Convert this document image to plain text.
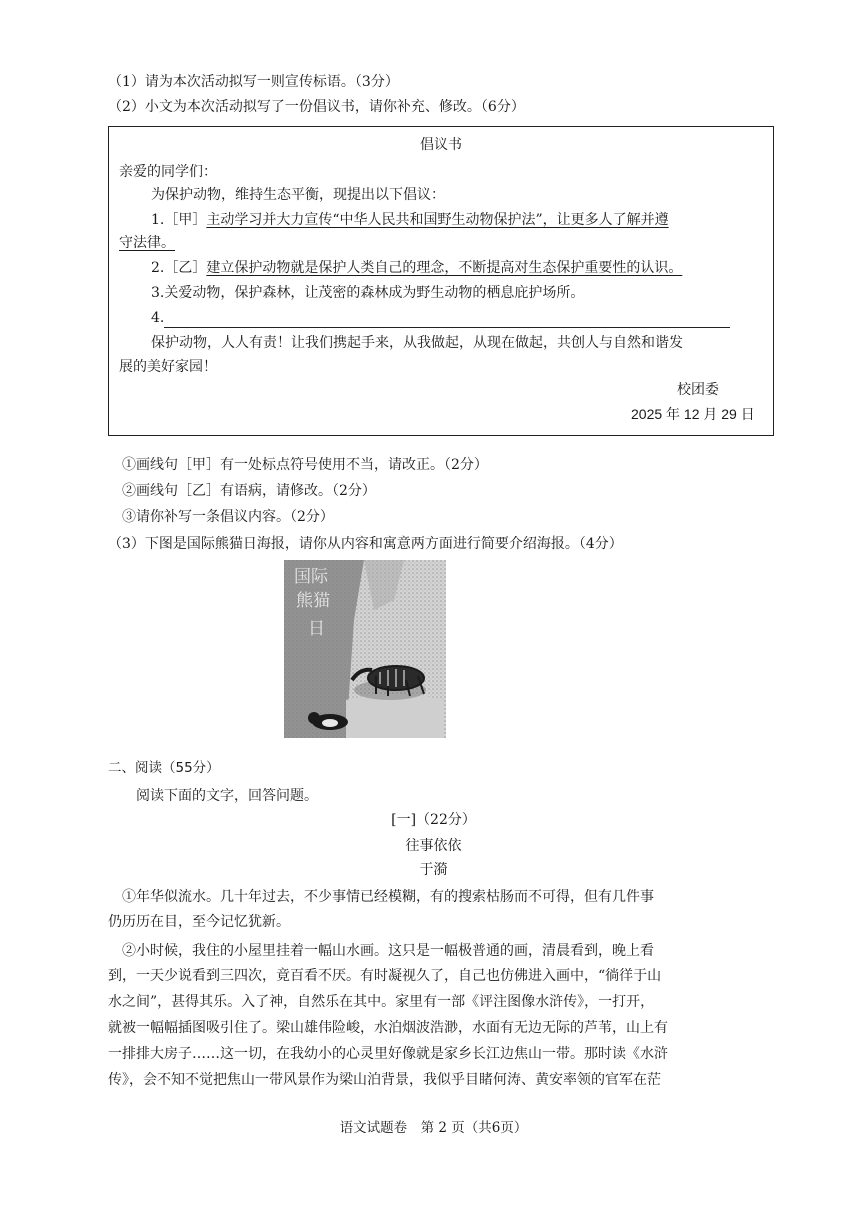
（1）请为本次活动拟写一则宣传标语。（3分）
（2）小文为本次活动拟写了一份倡议书，请你补充、修改。（6分）
倡议书
亲爱的同学们：
为保护动物，维持生态平衡，现提出以下倡议：
1.［甲］主动学习并大力宣传“中华人民共和国野生动物保护法”，让更多人了解并遵
守法律。
2.［乙］建立保护动物就是保护人类自己的理念，不断提高对生态保护重要性的认识。
3.关爱动物，保护森林，让茂密的森林成为野生动物的栖息庇护场所。
4.
保护动物，人人有责！让我们携起手来，从我做起，从现在做起，共创人与自然和谐发
展的美好家园！
校团委
2025 年 12 月 29 日
①画线句［甲］有一处标点符号使用不当，请改正。（2分）
②画线句［乙］有语病，请修改。（2分）
③请你补写一条倡议内容。（2分）
（3）下图是国际熊猫日海报，请你从内容和寓意两方面进行简要介绍海报。（4分）
国际
熊猫
日
二、阅读（55分）
阅读下面的文字，回答问题。
[一]（22分）
往事依依
于漪
①年华似流水。几十年过去，不少事情已经模糊，有的搜索枯肠而不可得，但有几件事
仍历历在目，至今记忆犹新。
②小时候，我住的小屋里挂着一幅山水画。这只是一幅极普通的画，清晨看到，晚上看
到，一天少说看到三四次，竟百看不厌。有时凝视久了，自己也仿佛进入画中，“徜徉于山
水之间”，甚得其乐。入了神，自然乐在其中。家里有一部《评注图像水浒传》，一打开，
就被一幅幅插图吸引住了。梁山雄伟险峻，水泊烟波浩渺，水面有无边无际的芦苇，山上有
一排排大房子……这一切，在我幼小的心灵里好像就是家乡长江边焦山一带。那时读《水浒
传》，会不知不觉把焦山一带风景作为梁山泊背景，我似乎目睹何涛、黄安率领的官军在茫
语文试题卷　第 2 页（共6页）
